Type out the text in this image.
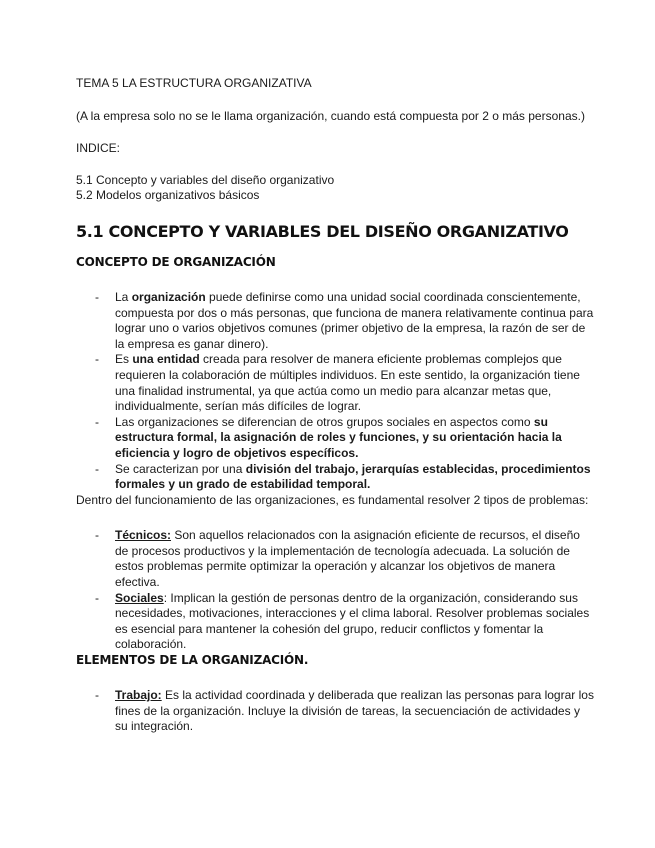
TEMA 5 LA ESTRUCTURA ORGANIZATIVA

(A la empresa solo no se le llama organización, cuando está compuesta por 2 o más personas.)

INDICE:

5.1 Concepto y variables del diseño organizativo

5.2 Modelos organizativos básicos

5.1 CONCEPTO Y VARIABLES DEL DISEÑO ORGANIZATIVO
CONCEPTO DE ORGANIZACIÓN
- La organización puede definirse como una unidad social coordinada conscientemente, compuesta por dos o más personas, que funciona de manera relativamente continua para lograr uno o varios objetivos comunes (primer objetivo de la empresa, la razón de ser de la empresa es ganar dinero).
- Es una entidad creada para resolver de manera eficiente problemas complejos que requieren la colaboración de múltiples individuos. En este sentido, la organización tiene una finalidad instrumental, ya que actúa como un medio para alcanzar metas que, individualmente, serían más difíciles de lograr.
- Las organizaciones se diferencian de otros grupos sociales en aspectos como su estructura formal, la asignación de roles y funciones, y su orientación hacia la eficiencia y logro de objetivos específicos.
- Se caracterizan por una división del trabajo, jerarquías establecidas, procedimientos formales y un grado de estabilidad temporal.

Dentro del funcionamiento de las organizaciones, es fundamental resolver 2 tipos de problemas:

- Técnicos: Son aquellos relacionados con la asignación eficiente de recursos, el diseño de procesos productivos y la implementación de tecnología adecuada. La solución de estos problemas permite optimizar la operación y alcanzar los objetivos de manera efectiva.
- Sociales: Implican la gestión de personas dentro de la organización, considerando sus necesidades, motivaciones, interacciones y el clima laboral. Resolver problemas sociales es esencial para mantener la cohesión del grupo, reducir conflictos y fomentar la colaboración.
ELEMENTOS DE LA ORGANIZACIÓN.
- Trabajo: Es la actividad coordinada y deliberada que realizan las personas para lograr los fines de la organización. Incluye la división de tareas, la secuenciación de actividades y su integración.
